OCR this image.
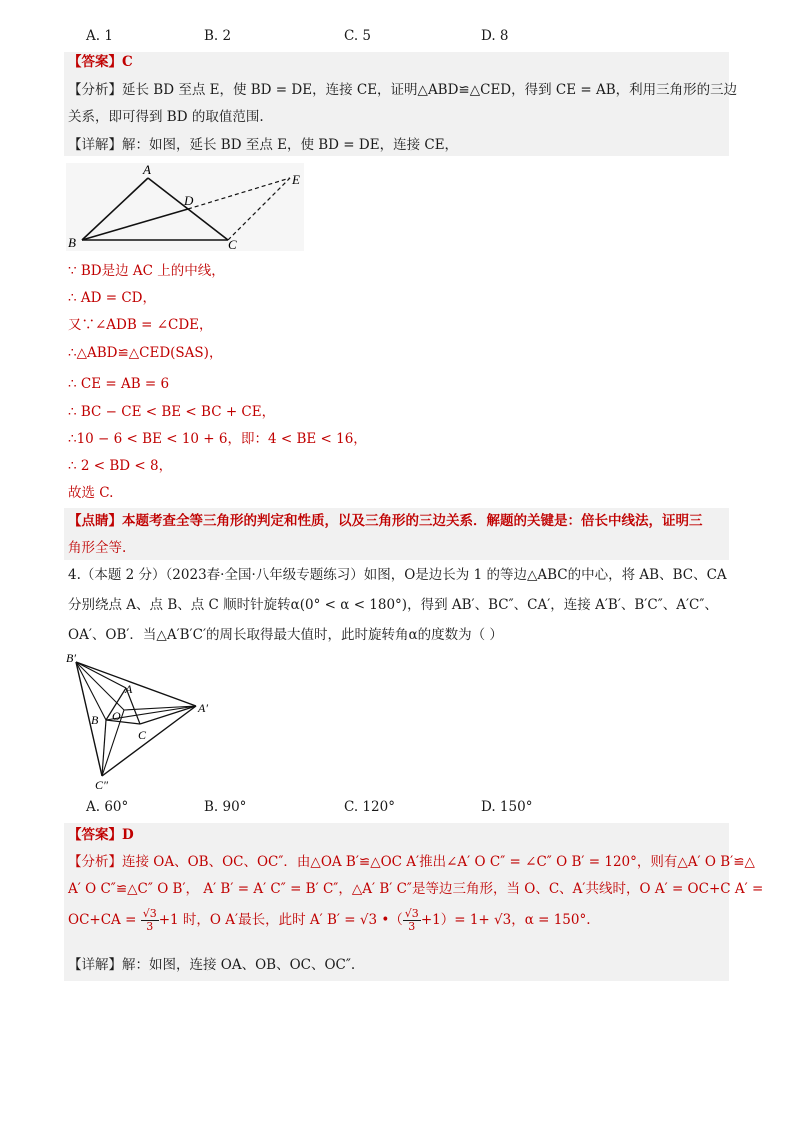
A. 1	B. 2	C. 5	D. 8
【答案】C
【分析】延长 BD 至点 E，使 BD = DE，连接 CE，证明△ABD≌△CED，得到 CE = AB，利用三角形的三边
关系，即可得到 BD 的取值范围.
【详解】解：如图，延长 BD 至点 E，使 BD = DE，连接 CE，
A
B	C
D
E
∵ BD是边 AC 上的中线，
∴ AD = CD，
又∵∠ADB = ∠CDE，
∴△ABD≌△CED(SAS)，
∴ CE = AB = 6
∴ BC − CE < BE < BC + CE，
∴10 − 6 < BE < 10 + 6，即：4 < BE < 16，
∴ 2 < BD < 8，
故选 C.
【点睛】本题考查全等三角形的判定和性质，以及三角形的三边关系．解题的关键是：倍长中线法，证明三
角形全等.
4.（本题 2 分）（2023春·全国·八年级专题练习）如图，O是边长为 1 的等边△ABC的中心，将 AB、BC、CA
分别绕点 A、点 B、点 C 顺时针旋转α(0° < α < 180°)，得到 AB′、BC″、CA′，连接 A′B′、B′C″、A′C″、
OA′、OB′．当△A′B′C′的周长取得最大值时，此时旋转角α的度数为（ ）
B′
A
A′
B O
C
C″
A. 60°	B. 90°	C. 120°	D. 150°
【答案】D
【分析】连接 OA、OB、OC、OC″．由△OA B′≌△OC A′推出∠A′ O C″ = ∠C″ O B′ = 120°，则有△A′ O B′≌△
A′ O C″≌△C″ O B′， A′ B′ = A′ C″ = B′ C″，△A′ B′ C″是等边三角形，当 O、C、A′共线时，O A′ = OC+C A′ =
$OC+CA = \frac{√3}{3} +1$ 时，O A′最长，此时 A′ B′ = √3 •（ $\frac{√3}{3} +1)= 1+ √3$，α = 150°.
【详解】解：如图，连接 OA、OB、OC、OC″.
